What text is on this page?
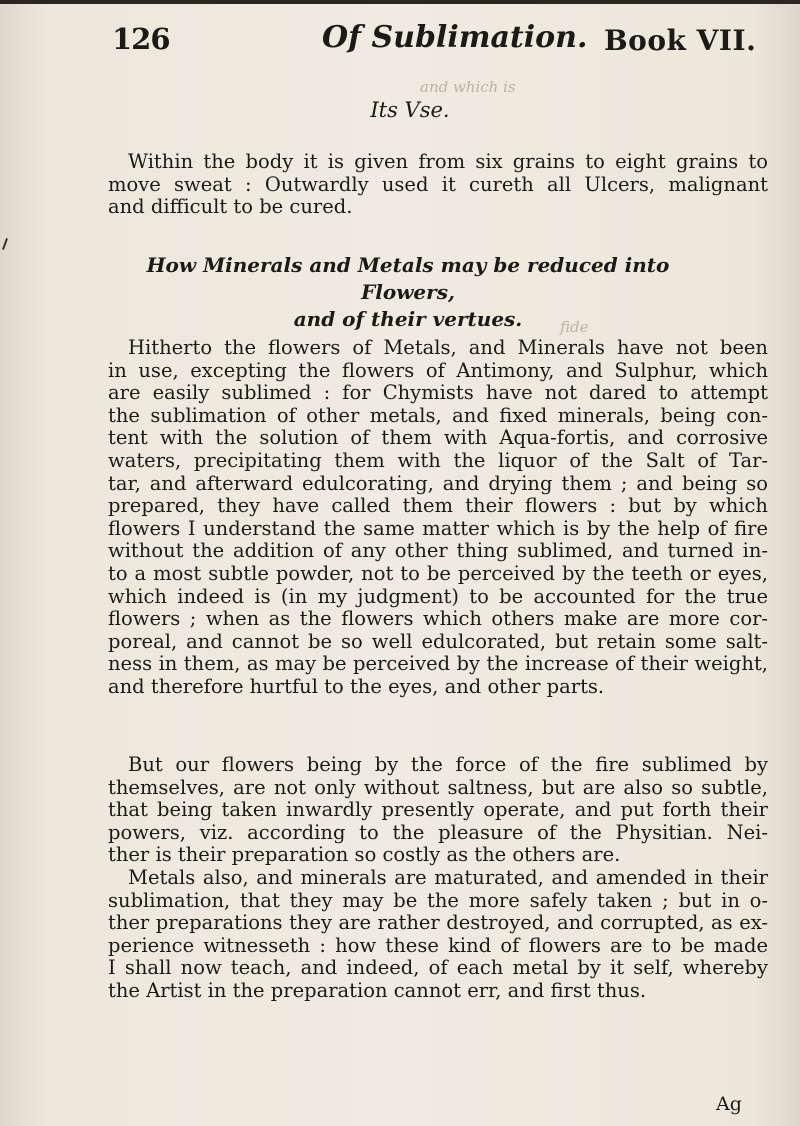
and which is
fide
126	Of Sublimation. Book VII.
Its Vse.
Within the body it is given from six grains to eight grains to
move sweat : Outwardly used it cureth all Ulcers, malignant
and difficult to be cured.
How Minerals and Metals may be reduced into Flowers,
and of their vertues.
Hitherto the flowers of Metals, and Minerals have not been
in use, excepting the flowers of Antimony, and Sulphur, which
are easily sublimed : for Chymists have not dared to attempt
the sublimation of other metals, and fixed minerals, being con-
tent with the solution of them with Aqua-fortis, and corrosive
waters, precipitating them with the liquor of the Salt of Tar-
tar, and afterward edulcorating, and drying them ; and being so
prepared, they have called them their flowers : but by which
flowers I understand the same matter which is by the help of fire
without the addition of any other thing sublimed, and turned in-
to a most subtle powder, not to be perceived by the teeth or eyes,
which indeed is (in my judgment) to be accounted for the true
flowers ; when as the flowers which others make are more cor-
poreal, and cannot be so well edulcorated, but retain some salt-
ness in them, as may be perceived by the increase of their weight,
and therefore hurtful to the eyes, and other parts.
But our flowers being by the force of the fire sublimed by
themselves, are not only without saltness, but are also so subtle,
that being taken inwardly presently operate, and put forth their
powers, viz. according to the pleasure of the Physitian. Nei-
ther is their preparation so costly as the others are.
Metals also, and minerals are maturated, and amended in their
sublimation, that they may be the more safely taken ; but in o-
ther preparations they are rather destroyed, and corrupted, as ex-
perience witnesseth : how these kind of flowers are to be made
I shall now teach, and indeed, of each metal by it self, whereby
the Artist in the preparation cannot err, and first thus.
Ag
